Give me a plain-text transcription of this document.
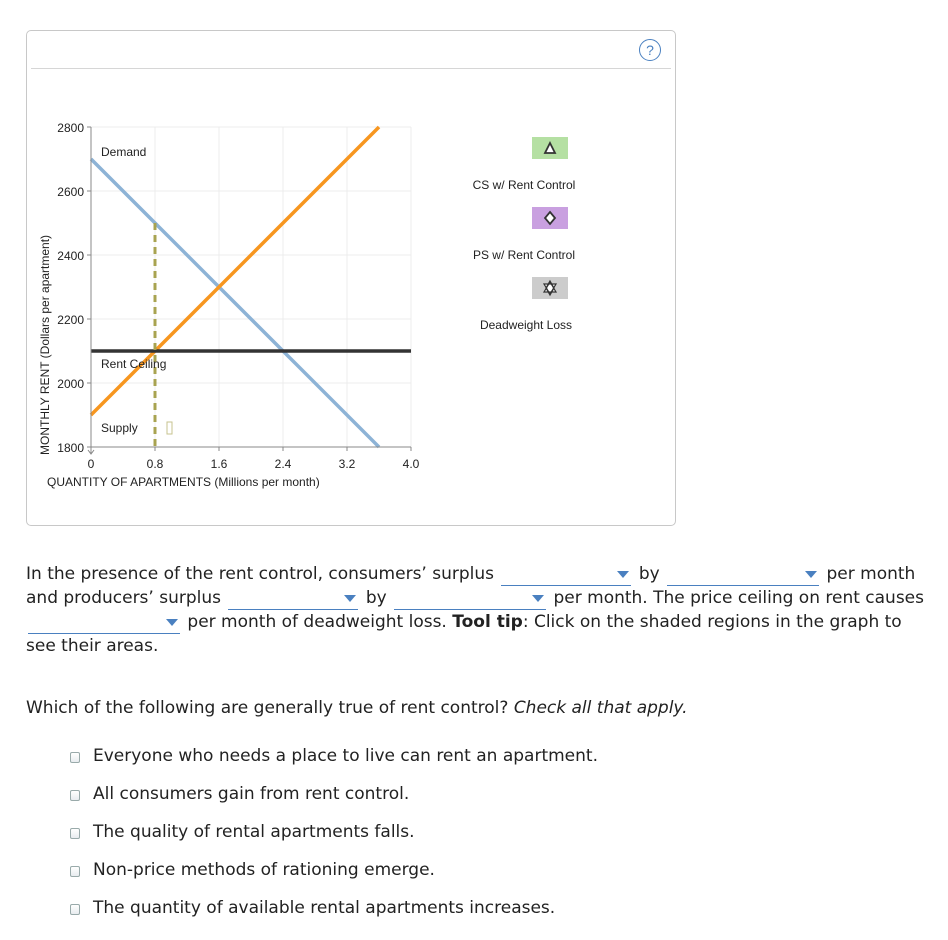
?
2800
2600
2400
2200
2000
1800
0	0.8	1.6	2.4	3.2	4.0
QUANTITY OF APARTMENTS (Millions per month)
MONTHLY RENT (Dollars per apartment)
Demand
Rent Ceiling
Supply
CS w/ Rent Control
PS w/ Rent Control
Deadweight Loss
In the presence of the rent control, consumers’ surplus	by	per month and producers’ surplus	by	per month. The price ceiling on rent causes
per month of deadweight loss. Tool tip: Click on the shaded regions in the graph to see their areas.
Which of the following are generally true of rent control? Check all that apply.
Everyone who needs a place to live can rent an apartment.
All consumers gain from rent control.
The quality of rental apartments falls.
Non-price methods of rationing emerge.
The quantity of available rental apartments increases.
